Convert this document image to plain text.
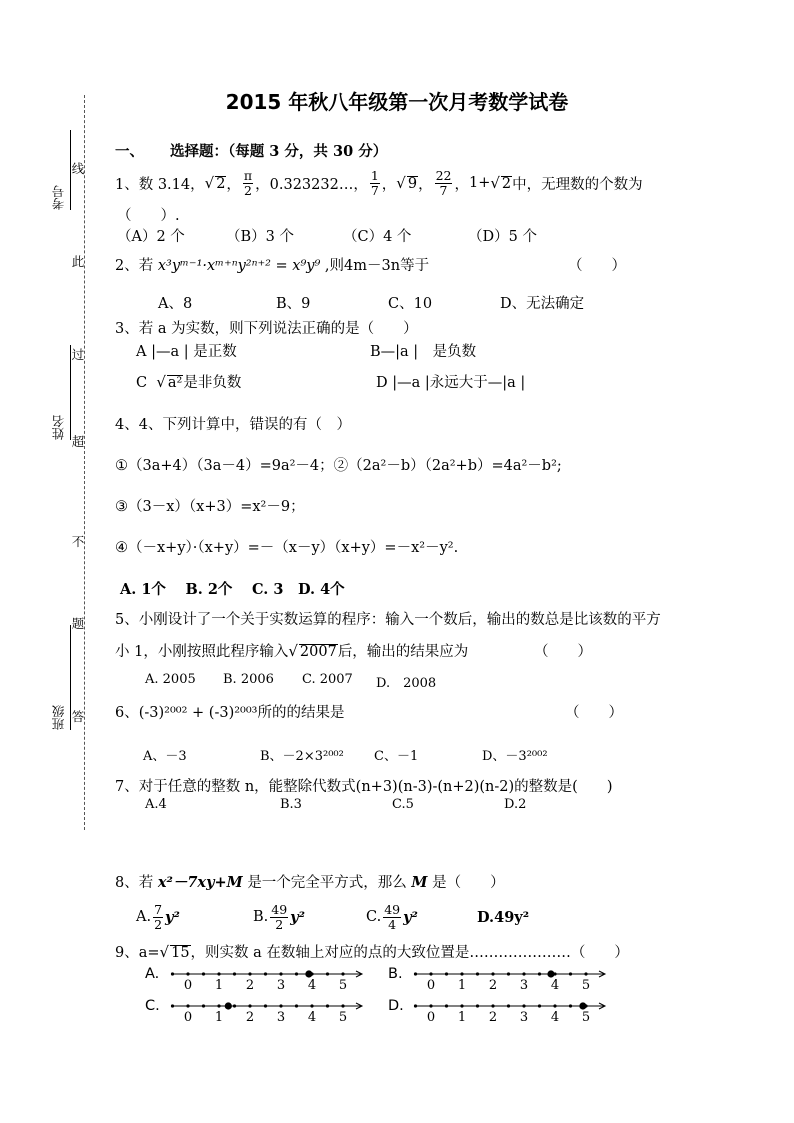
2015 年秋八年级第一次月考数学试卷
考号
姓名
班级
线
此
过
超
不
题
答
一、 选择题：（每题 3 分，共 30 分）
1、数 3.14， √ 2 ， $\frac{\pi}{2}$ ，0.323232…， $\frac{1}{7}$ ， √ 9 ， $\frac{22}{7}$ ， 1+ √ 2 中，无理数的个数为
（　　）.
（A）2 个	（B）3 个	（C）4 个	（D）5 个
2、若 x³yᵐ⁻¹·xᵐ⁺ⁿy²ⁿ⁺² = x⁹y⁹ ,则4m－3n等于	（　　）
A、8	B、9	C、10	D、无法确定
3、若 a 为实数，则下列说法正确的是（　　）
A |—a | 是正数	B—|a |　是负数
C √ a²是非负数	D |—a |永远大于—|a |
4、4、下列计算中，错误的有（　）
①（3a+4）（3a－4）=9a²－4；②（2a²－b）（2a²+b）=4a²－b²;
③（3－x）（x+3）=x²－9；
④（－x+y）·（x+y）=－（x－y）（x+y）=－x²－y².
A. 1个　 B. 2个　 C. 3　D. 4个
5、小刚设计了一个关于实数运算的程序：输入一个数后，输出的数总是比该数的平方
小 1，小刚按照此程序输入√ 2007后，输出的结果应为	（　　）
A. 2005 B. 2006 C. 2007 D.　2008
6、(-3)²⁰⁰² + (-3)²⁰⁰³所的的结果是	（　　）
A、－3	B、－2×3²⁰⁰² C、－1	D、－3²⁰⁰²
7、对于任意的整数 n，能整除代数式(n+3)(n-3)-(n+2)(n-2)的整数是(　　)
A.4	B.3	C.5	D.2
8、若 x²－7xy+M 是一个完全平方式，那么 M 是（　　）
A. $\frac{7}{2} y^2$	B. $\frac{49}{2} y^2$	C. $\frac{49}{4} y^2$	D.49y²
9、a=√ 15，则实数 a 在数轴上对应的点的大致位置是…………………（　　）
A.	B.
C.	D.
0 1 2 3 4 5	0 1 2 3 4 5
0 1 2 3 4 5	0 1 2 3 4 5
